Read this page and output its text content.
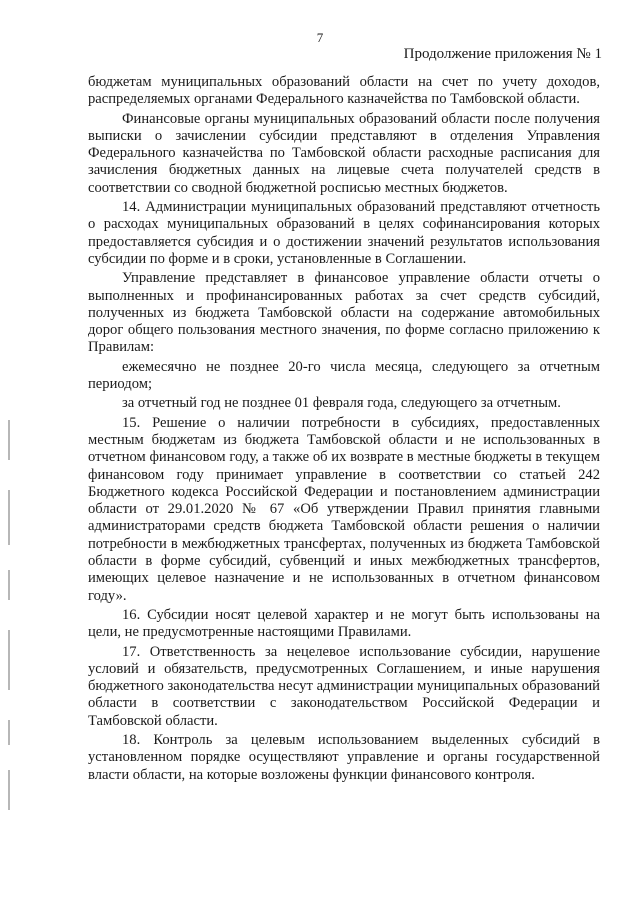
7
Продолжение приложения № 1

бюджетам муниципальных образований области на счет по учету доходов, распределяемых органами Федерального казначейства по Тамбовской области.

Финансовые органы муниципальных образований области после получения выписки о зачислении субсидии представляют в отделения Управления Федерального казначейства по Тамбовской области расходные расписания для зачисления бюджетных данных на лицевые счета получателей средств в соответствии со сводной бюджетной росписью местных бюджетов.

14. Администрации муниципальных образований представляют отчетность о расходах муниципальных образований в целях софинансирования которых предоставляется субсидия и о достижении значений результатов использования субсидии по форме и в сроки, установленные в Соглашении.

Управление представляет в финансовое управление области отчеты о выполненных и профинансированных работах за счет средств субсидий, полученных из бюджета Тамбовской области на содержание автомобильных дорог общего пользования местного значения, по форме согласно приложению к Правилам:

ежемесячно не позднее 20-го числа месяца, следующего за отчетным периодом;

за отчетный год не позднее 01 февраля года, следующего за отчетным.

15. Решение о наличии потребности в субсидиях, предоставленных местным бюджетам из бюджета Тамбовской области и не использованных в отчетном финансовом году, а также об их возврате в местные бюджеты в текущем финансовом году принимает управление в соответствии со статьей 242 Бюджетного кодекса Российской Федерации и постановлением администрации области от 29.01.2020 № 67 «Об утверждении Правил принятия главными администраторами средств бюджета Тамбовской области решения о наличии потребности в межбюджетных трансфертах, полученных из бюджета Тамбовской области в форме субсидий, субвенций и иных межбюджетных трансфертов, имеющих целевое назначение и не использованных в отчетном финансовом году».

16. Субсидии носят целевой характер и не могут быть использованы на цели, не предусмотренные настоящими Правилами.

17. Ответственность за нецелевое использование субсидии, нарушение условий и обязательств, предусмотренных Соглашением, и иные нарушения бюджетного законодательства несут администрации муниципальных образований области в соответствии с законодательством Российской Федерации и Тамбовской области.

18. Контроль за целевым использованием выделенных субсидий в установленном порядке осуществляют управление и органы государственной власти области, на которые возложены функции финансового контроля.
